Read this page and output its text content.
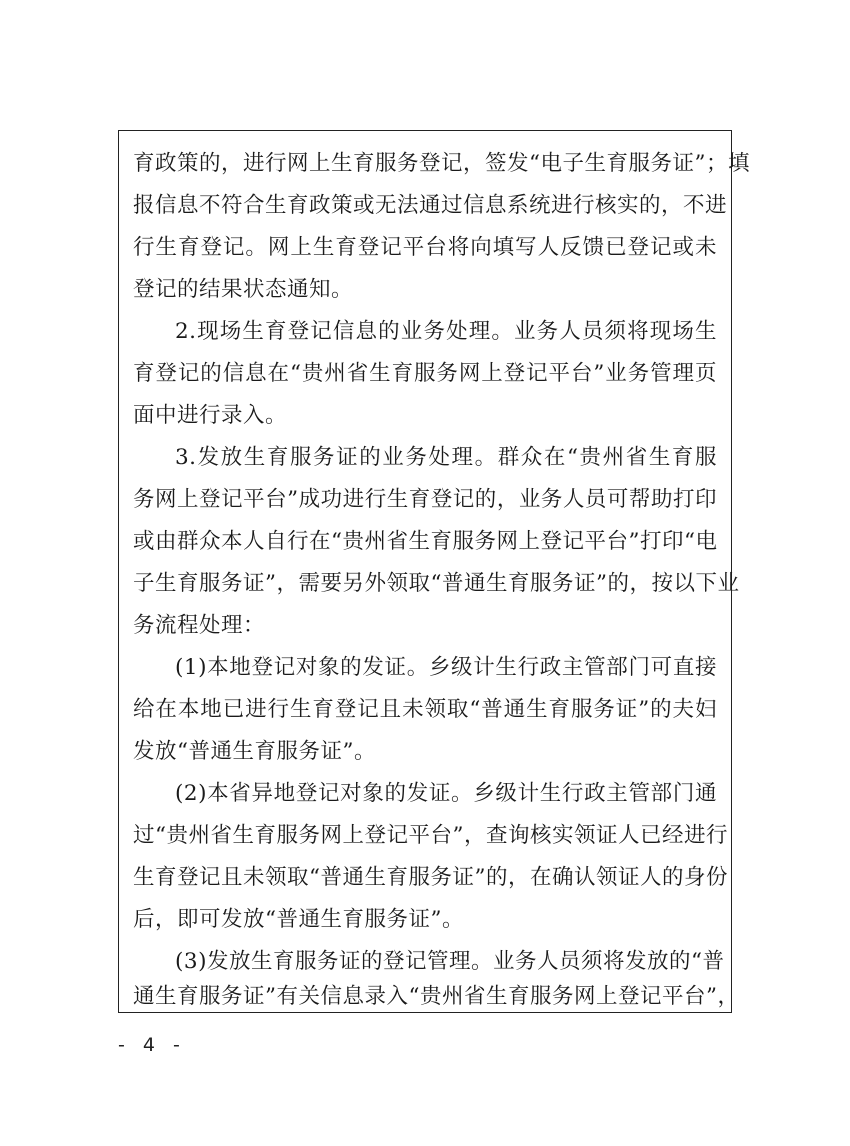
育政策的，进行网上生育服务登记，签发“电子生育服务证”；填
报信息不符合生育政策或无法通过信息系统进行核实的，不进
行生育登记。网上生育登记平台将向填写人反馈已登记或未
登记的结果状态通知。
2.现场生育登记信息的业务处理。业务人员须将现场生
育登记的信息在“贵州省生育服务网上登记平台”业务管理页
面中进行录入。
3.发放生育服务证的业务处理。群众在“贵州省生育服
务网上登记平台”成功进行生育登记的，业务人员可帮助打印
或由群众本人自行在“贵州省生育服务网上登记平台”打印“电
子生育服务证”，需要另外领取“普通生育服务证”的，按以下业
务流程处理：
(1)本地登记对象的发证。乡级计生行政主管部门可直接
给在本地已进行生育登记且未领取“普通生育服务证”的夫妇
发放“普通生育服务证”。
(2)本省异地登记对象的发证。乡级计生行政主管部门通
过“贵州省生育服务网上登记平台”，查询核实领证人已经进行
生育登记且未领取“普通生育服务证”的，在确认领证人的身份
后，即可发放“普通生育服务证”。
(3)发放生育服务证的登记管理。业务人员须将发放的“普
通生育服务证”有关信息录入“贵州省生育服务网上登记平台”，
- 4 -
